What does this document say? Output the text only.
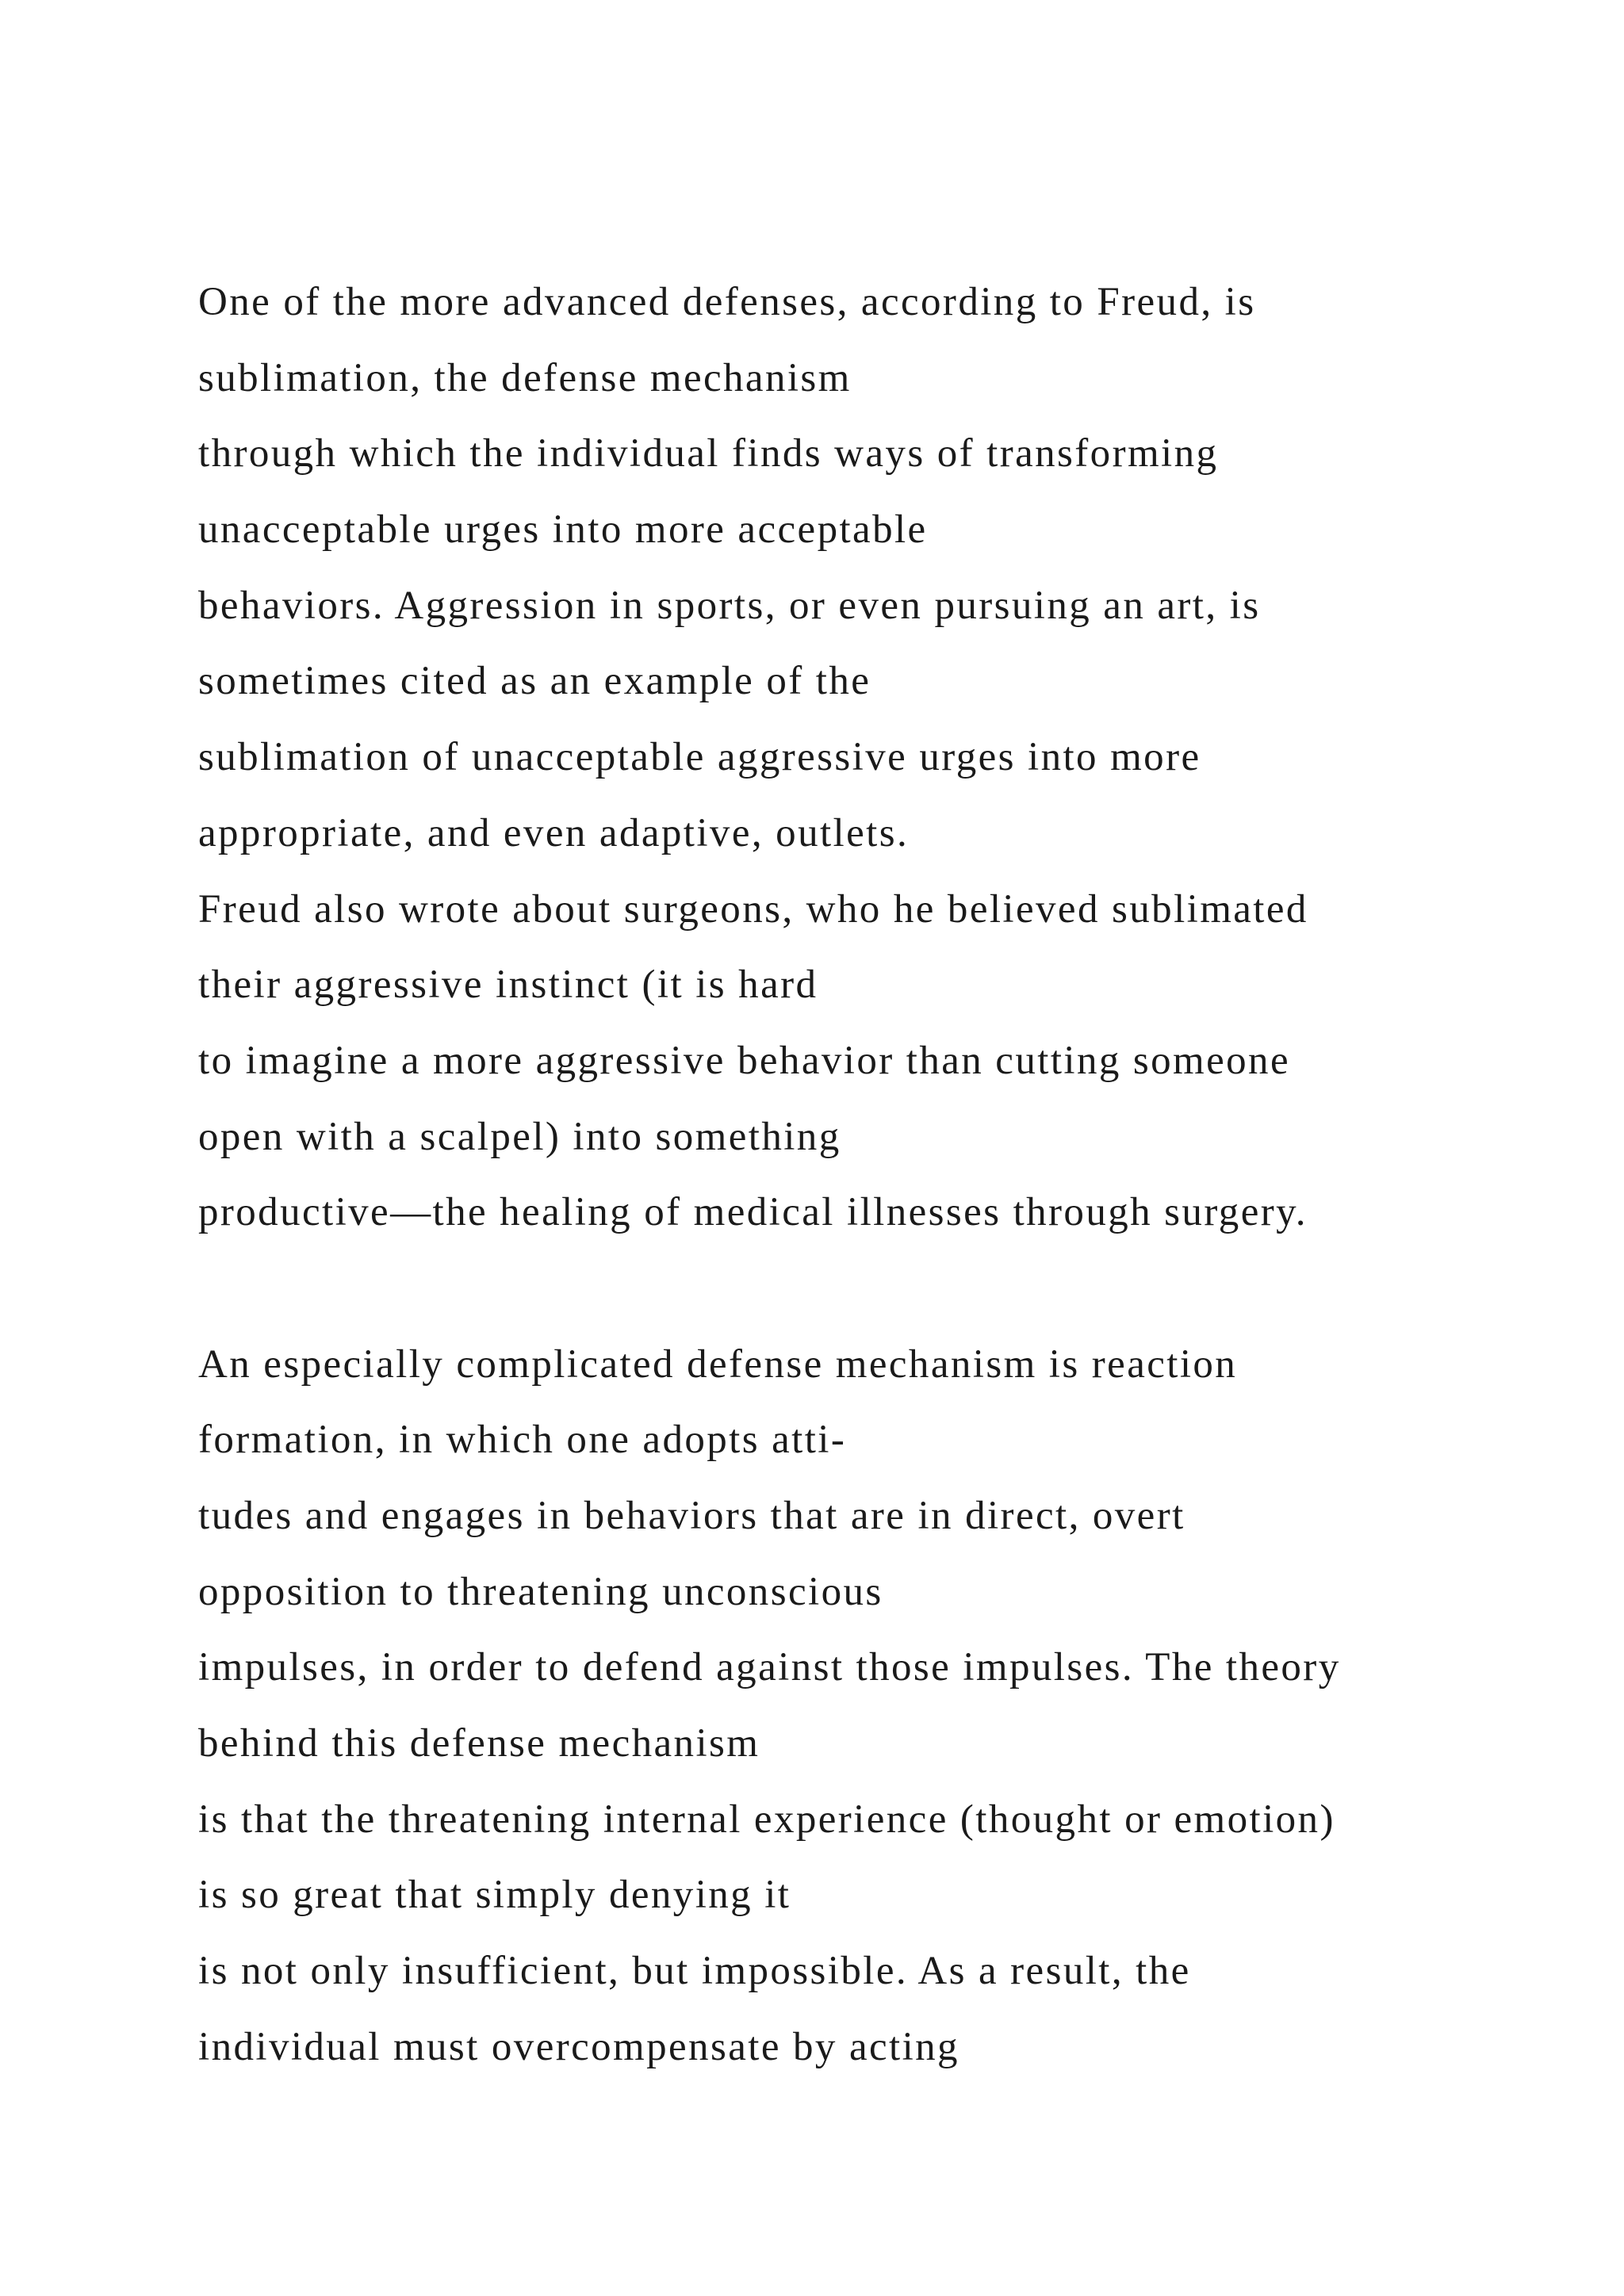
One of the more advanced defenses, according to Freud, is
sublimation, the defense mechanism
through which the individual finds ways of transforming
unacceptable urges into more acceptable
behaviors. Aggression in sports, or even pursuing an art, is
sometimes cited as an example of the
sublimation of unacceptable aggressive urges into more
appropriate, and even adaptive, outlets.
Freud also wrote about surgeons, who he believed sublimated
their aggressive instinct (it is hard
to imagine a more aggressive behavior than cutting someone
open with a scalpel) into something
productive—the healing of medical illnesses through surgery.
An especially complicated defense mechanism is reaction
formation, in which one adopts atti-
tudes and engages in behaviors that are in direct, overt
opposition to threatening unconscious
impulses, in order to defend against those impulses. The theory
behind this defense mechanism
is that the threatening internal experience (thought or emotion)
is so great that simply denying it
is not only insufficient, but impossible. As a result, the
individual must overcompensate by acting
